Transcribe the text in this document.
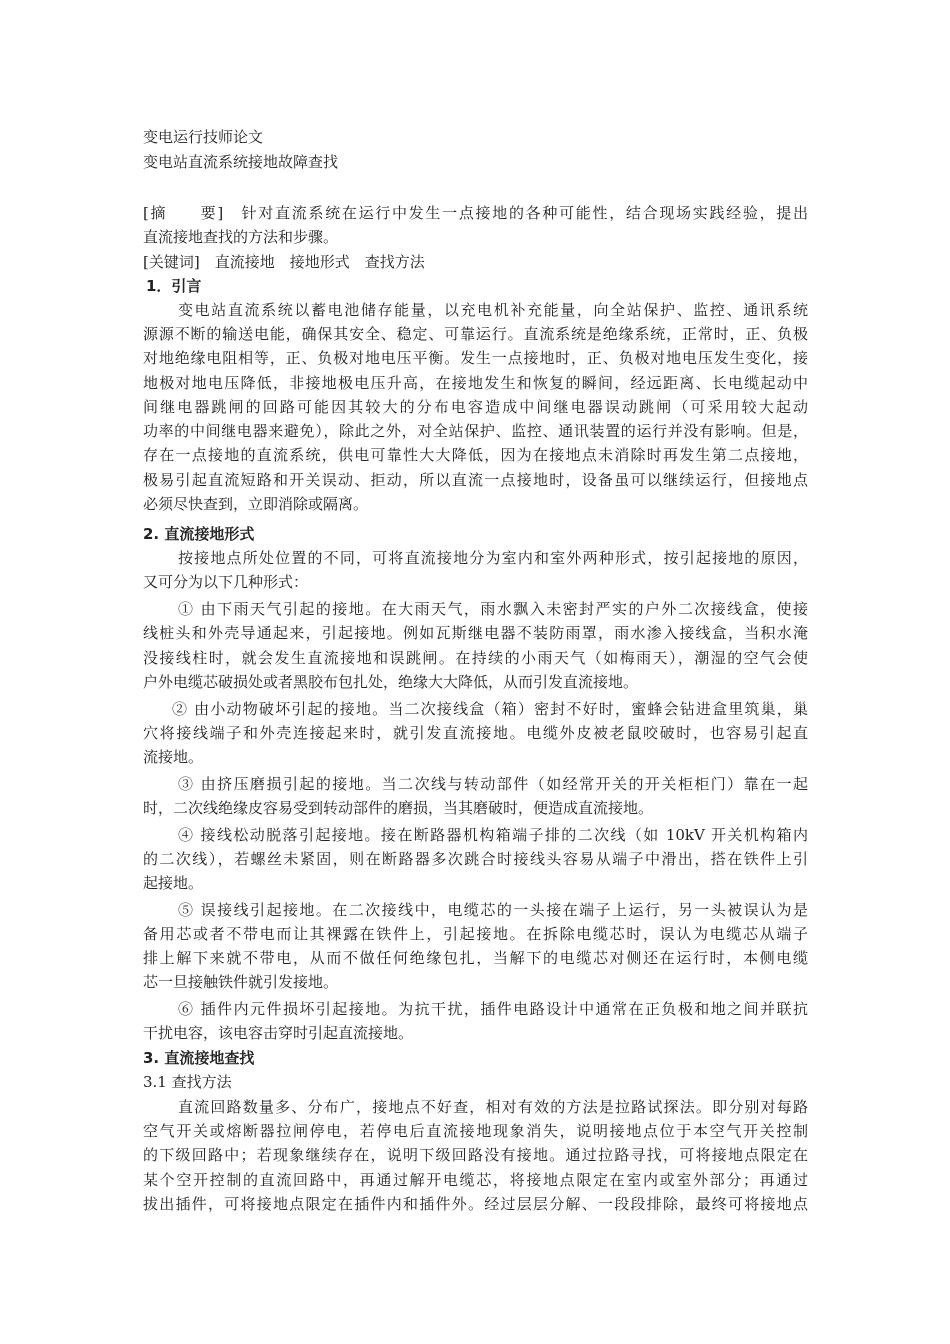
变电运行技师论文
变电站直流系统接地故障查找
[摘　　要]　针对直流系统在运行中发生一点接地的各种可能性，结合现场实践经验，提出
直流接地查找的方法和步骤。
[关键词]　直流接地　接地形式　查找方法
1．引言
变电站直流系统以蓄电池储存能量，以充电机补充能量，向全站保护、监控、通讯系统
源源不断的输送电能，确保其安全、稳定、可靠运行。直流系统是绝缘系统，正常时，正、负极
对地绝缘电阻相等，正、负极对地电压平衡。发生一点接地时，正、负极对地电压发生变化，接
地极对地电压降低，非接地极电压升高，在接地发生和恢复的瞬间，经远距离、长电缆起动中
间继电器跳闸的回路可能因其较大的分布电容造成中间继电器误动跳闸（可采用较大起动
功率的中间继电器来避免），除此之外，对全站保护、监控、通讯装置的运行并没有影响。但是，
存在一点接地的直流系统，供电可靠性大大降低，因为在接地点未消除时再发生第二点接地，
极易引起直流短路和开关误动、拒动，所以直流一点接地时，设备虽可以继续运行，但接地点
必须尽快查到，立即消除或隔离。
2. 直流接地形式
按接地点所处位置的不同，可将直流接地分为室内和室外两种形式，按引起接地的原因，
又可分为以下几种形式：
① 由下雨天气引起的接地。在大雨天气，雨水飘入未密封严实的户外二次接线盒，使接
线桩头和外壳导通起来，引起接地。例如瓦斯继电器不装防雨罩，雨水渗入接线盒，当积水淹
没接线柱时，就会发生直流接地和误跳闸。在持续的小雨天气（如梅雨天），潮湿的空气会使
户外电缆芯破损处或者黑胶布包扎处，绝缘大大降低，从而引发直流接地。
② 由小动物破坏引起的接地。当二次接线盒（箱）密封不好时，蜜蜂会钻进盒里筑巢，巢
穴将接线端子和外壳连接起来时，就引发直流接地。电缆外皮被老鼠咬破时，也容易引起直
流接地。
③ 由挤压磨损引起的接地。当二次线与转动部件（如经常开关的开关柜柜门）靠在一起
时，二次线绝缘皮容易受到转动部件的磨损，当其磨破时，便造成直流接地。
④ 接线松动脱落引起接地。接在断路器机构箱端子排的二次线（如 10kV 开关机构箱内
的二次线），若螺丝未紧固，则在断路器多次跳合时接线头容易从端子中滑出，搭在铁件上引
起接地。
⑤ 误接线引起接地。在二次接线中，电缆芯的一头接在端子上运行，另一头被误认为是
备用芯或者不带电而让其裸露在铁件上，引起接地。在拆除电缆芯时，误认为电缆芯从端子
排上解下来就不带电，从而不做任何绝缘包扎，当解下的电缆芯对侧还在运行时，本侧电缆
芯一旦接触铁件就引发接地。
⑥ 插件内元件损坏引起接地。为抗干扰，插件电路设计中通常在正负极和地之间并联抗
干扰电容，该电容击穿时引起直流接地。
3. 直流接地查找
3.1 查找方法
直流回路数量多、分布广，接地点不好查，相对有效的方法是拉路试探法。即分别对每路
空气开关或熔断器拉闸停电，若停电后直流接地现象消失，说明接地点位于本空气开关控制
的下级回路中；若现象继续存在，说明下级回路没有接地。通过拉路寻找，可将接地点限定在
某个空开控制的直流回路中，再通过解开电缆芯，将接地点限定在室内或室外部分；再通过
拔出插件，可将接地点限定在插件内和插件外。经过层层分解、一段段排除，最终可将接地点
